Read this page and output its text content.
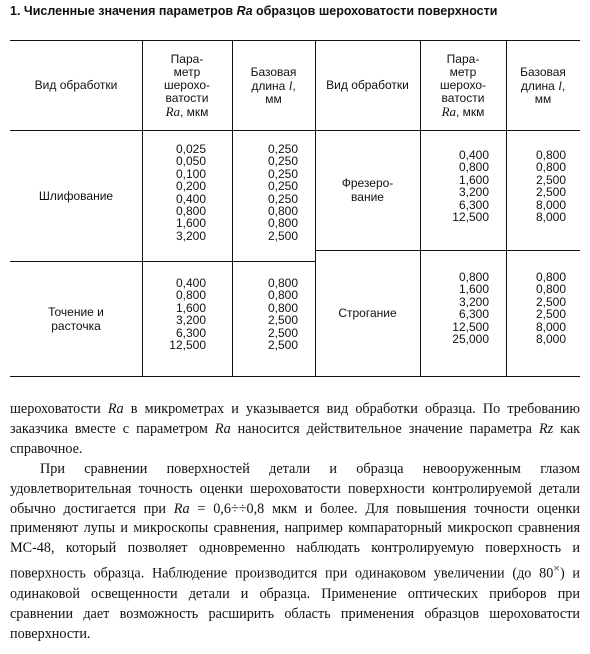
1. Численные значения параметров Ra образцов шероховатости поверхности
Вид обработки
Пара-
метр
шерохо-
ватости
Ra, мкм
Базовая
длина l,
мм
Вид обработки
Пара-
метр
шерохо-
ватости
Ra, мкм
Базовая
длина l,
мм
Шлифование
0,025
0,050
0,100
0,200
0,400
0,800
1,600
3,200
0,250
0,250
0,250
0,250
0,250
0,800
0,800
2,500
Точение и
расточка
0,400
0,800
1,600
3,200
6,300
12,500
0,800
0,800
0,800
2,500
2,500
2,500
Фрезеро-
вание
0,400
0,800
1,600
3,200
6,300
12,500
0,800
0,800
2,500
2,500
8,000
8,000
Строгание
0,800
1,600
3,200
6,300
12,500
25,000
0,800
0,800
2,500
2,500
8,000
8,000

шероховатости Ra в микрометрах и указывается вид обработки образца. По требованию заказчика вместе с параметром Ra наносится действительное значение параметра Rz как справочное.

При сравнении поверхностей детали и образца невооруженным глазом удовлетворительная точность оценки шероховатости поверхности контролируемой детали обычно достигается при Ra = 0,6÷÷0,8 мкм и более. Для повышения точности оценки применяют лупы и микроскопы сравнения, например компараторный микроскоп сравнения МС-48, который позволяет одновременно наблюдать контролируемую поверхность и поверхность образца. Наблюдение производится при одинаковом увеличении (до 80×) и одинаковой освещенности детали и образца. Применение оптических приборов при сравнении дает возможность расширить область применения образцов шероховатости поверхности.
